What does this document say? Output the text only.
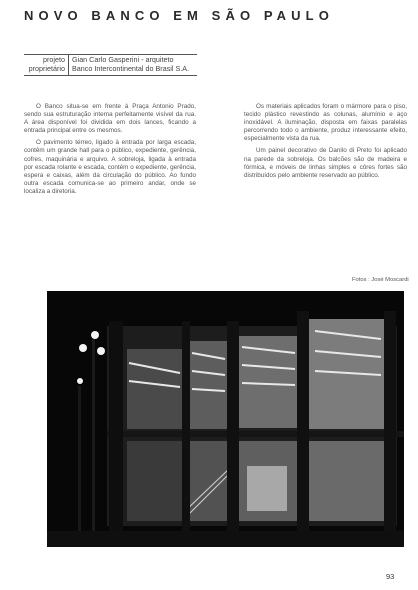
NOVO BANCO EM SÃO PAULO
projeto Gian Carlo Gasperini - arquiteto
proprietário Banco Intercontinental do Brasil S.A.

O Banco situa-se em frente à Praça Antonio Prado, sendo sua estruturação interna perfeitamente visível da rua. A área disponível foi dividida em dois lances, ficando a entrada principal entre os mesmos.

O pavimento térreo, ligado à entrada por larga escada, contêm um grande hall para o público, expediente, gerência, cofres, maquinária e arquivo. A sobreloja, ligada à entrada por escada rolante e escada, contém o expediente, gerência, espera e caixas, além da circulação do público. Ao fundo outra escada comunica-se ao primeiro andar, onde se localiza a diretoria.

Os materiais aplicados foram o mármore para o piso, tecido plástico revestindo as colunas, alumínio e aço inoxidável. A iluminação, disposta em faixas paralelas percorrendo todo o ambiente, produz interessante efeito, especialmente vista da rua.

Um painel decorativo de Danilo di Preto foi aplicado na parede da sobreloja. Os balcões são de madeira e fórmica, e móveis de linhas simples e côres fortes são distribuídos pelo ambiente reservado ao público.

Fotos : José Moscardi
93
